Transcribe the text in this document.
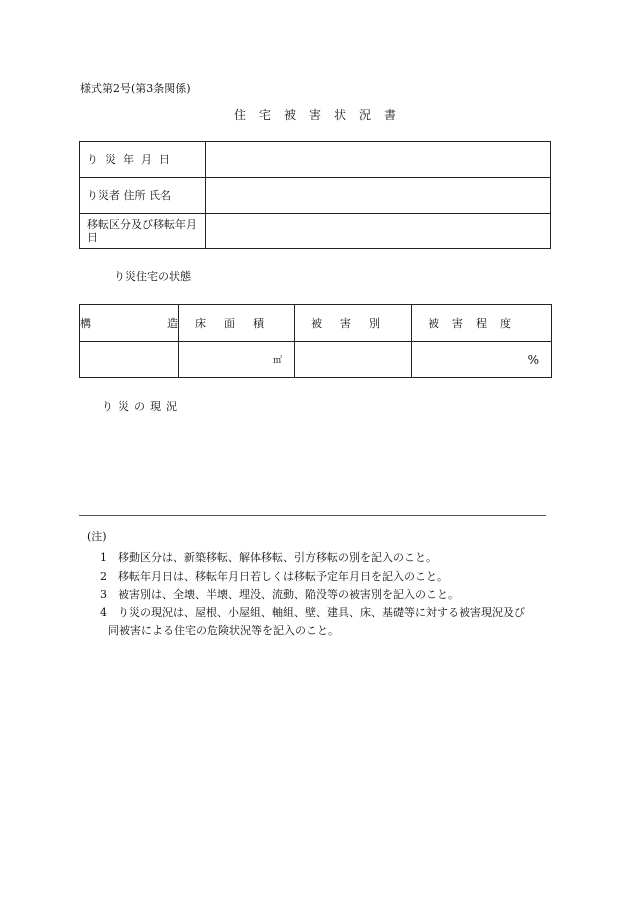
様式第2号(第3条関係)
住宅被害状況書
り災年月日	
り災者 住所 氏名	
移転区分及び移転年月日	
り災住宅の状態
構 造	床面積	被害別	被害程度
	㎡		%
り災の現況
(注)
1 移動区分は、新築移転、解体移転、引方移転の別を記入のこと。
2 移転年月日は、移転年月日若しくは移転予定年月日を記入のこと。
3 被害別は、全壊、半壊、埋没、流動、陥没等の被害別を記入のこと。
4 り災の現況は、屋根、小屋組、軸組、壁、建具、床、基礎等に対する被害現況及び
同被害による住宅の危険状況等を記入のこと。
